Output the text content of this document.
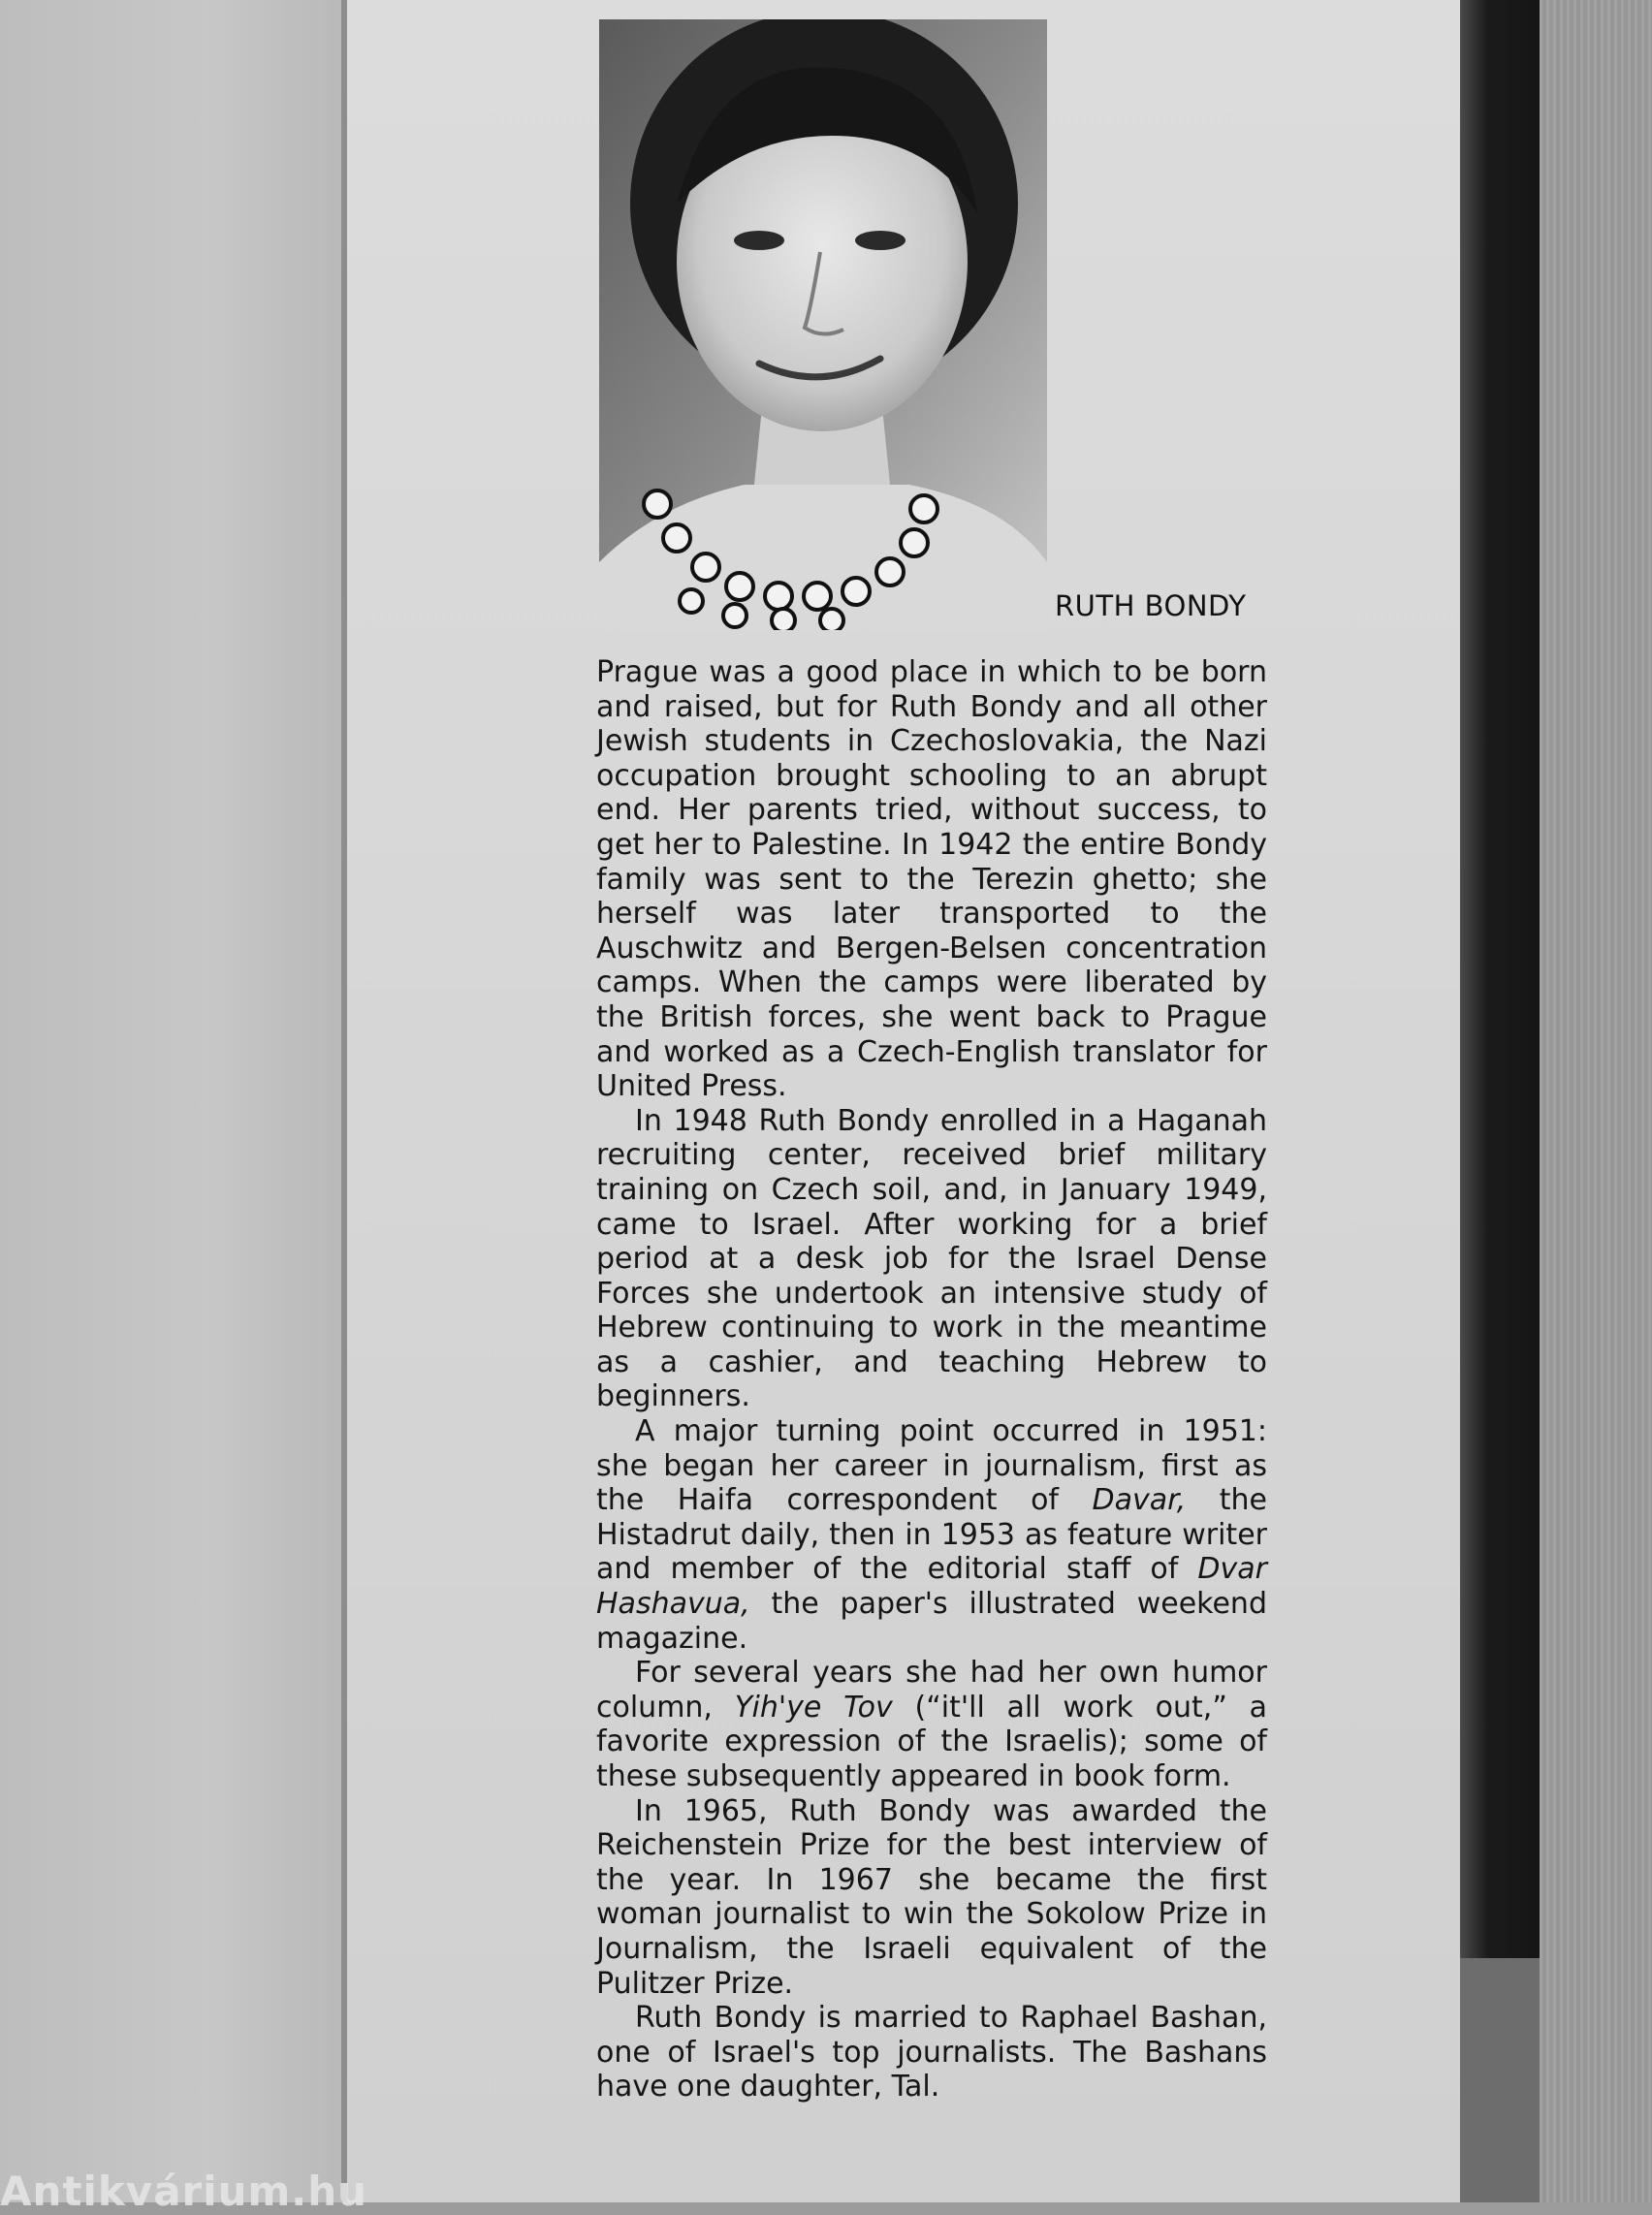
RUTH BONDY

Prague was a good place in which to be born and raised, but for Ruth Bondy and all other Jewish students in Czechoslovakia, the Nazi occupation brought schooling to an abrupt end. Her parents tried, without success, to get her to Palestine. In 1942 the entire Bondy family was sent to the Terezin ghetto; she herself was later transported to the Auschwitz and Bergen-Belsen concentration camps. When the camps were liberated by the British forces, she went back to Prague and worked as a Czech-English translator for United Press.

In 1948 Ruth Bondy enrolled in a Haganah recruiting center, received brief military training on Czech soil, and, in January 1949, came to Israel. After working for a brief period at a desk job for the Israel Dense Forces she undertook an intensive study of Hebrew continuing to work in the meantime as a cashier, and teaching Hebrew to beginners.

A major turning point occurred in 1951: she began her career in journalism, first as the Haifa correspondent of Davar, the Histadrut daily, then in 1953 as feature writer and member of the editorial staff of Dvar Hashavua, the paper's illustrated weekend magazine.

For several years she had her own humor column, Yih'ye Tov (“it'll all work out,” a favorite expression of the Israelis); some of these subsequently appeared in book form.

In 1965, Ruth Bondy was awarded the Reichenstein Prize for the best interview of the year. In 1967 she became the first woman journalist to win the Sokolow Prize in Journalism, the Israeli equivalent of the Pulitzer Prize.

Ruth Bondy is married to Raphael Bashan, one of Israel's top journalists. The Bashans have one daughter, Tal.

Antikvárium.hu
